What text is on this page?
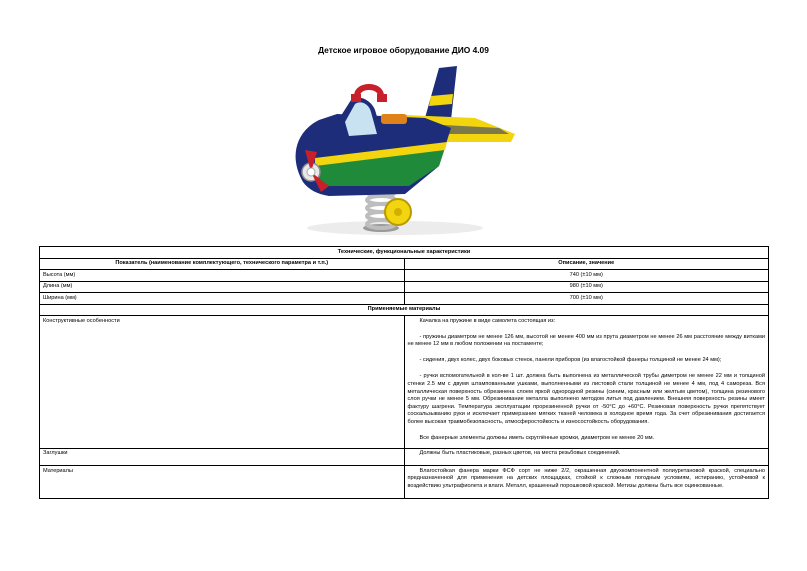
Детское игровое оборудование ДИО 4.09
Технические, функциональные характеристики	
Показатель (наименование комплектующего, технического параметра и т.п.)	Описание, значение
Высота (мм)	740 (±10 мм)
Длина (мм)	980 (±10 мм)
Ширина (мм)	700 (±10 мм)
Применяемые материалы	
Конструктивные особенности	Качалка на пружине в виде самолета состоящая из:

- пружины диаметром не менее 126 мм, высотой не менее 400 мм из прута диаметром не менее 26 мм расстояние между витками не менее 12 мм в любом положении на постаменте;

- сидения, двух колес, двух боковых стенок, панели приборов (из влагостойкой фанеры толщиной не менее 24 мм);

- ручки вспомогательной в кол-ве 1 шт. должна быть выполнена из металлической трубы диметром не менее 22 мм и толщиной стенки 2.5 мм с двумя штампованными ушками, выполненными из листовой стали толщиной не менее 4 мм, под 4 самореза. Вся металлическая поверхность обрезинена слоем яркой однородной резины (синим, красным или желтым цветом), толщина резинового слоя ручки не менее 5 мм. Обрезинивание металла выполнено методом литья под давлением. Внешняя поверхность резины имеет фактуру шагрени. Температура эксплуатации прорезиненной ручки от -50°С до +60°С. Резиновая поверхность ручки препятствует соскальзыванию руки и исключает примерзание мягких тканей человека в холодное время года. За счет обрезинивания достигается более высокая травмобезопасность, атмосферостойкость и износостойкость оборудования.

Все фанерные элементы должны иметь скруглённые кромки, диаметром не менее 20 мм.

Заглушки	Должны быть пластиковые, разных цветов, на места резьбовых соединений.

Материалы	Влагостойкая фанера марки ФСФ сорт не ниже 2/2, окрашенная двухкомпонентной полиуретановой краской, специально предназначенной для применения на детских площадках, стойкой к сложным погодным условиям, истиранию, устойчивой к воздействию ультрафиолета и влаги. Металл, крашенный порошковой краской. Метизы должны быть все оцинкованные.
